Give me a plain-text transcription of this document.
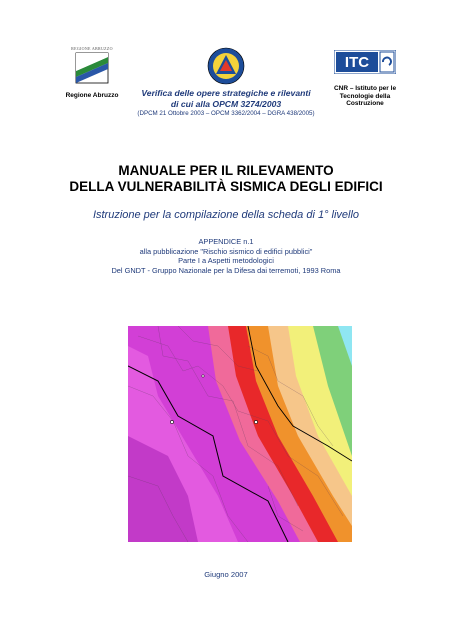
REGIONE ABRUZZO
Regione Abruzzo
ITC
CNR – Istituto per le
Tecnologie della
Costruzione
Verifica delle opere strategiche e rilevanti
di cui alla OPCM 3274/2003
(DPCM 21 Ottobre 2003 – OPCM 3362/2004 – DGRA 438/2005)
MANUALE PER IL RILEVAMENTO
DELLA VULNERABILITÀ SISMICA DEGLI EDIFICI
Istruzione per la compilazione della scheda di 1° livello
APPENDICE n.1
alla pubblicazione "Rischio sismico di edifici pubblici"
Parte I a Aspetti metodologici
Del GNDT - Gruppo Nazionale per la Difesa dai terremoti, 1993 Roma
Giugno 2007
